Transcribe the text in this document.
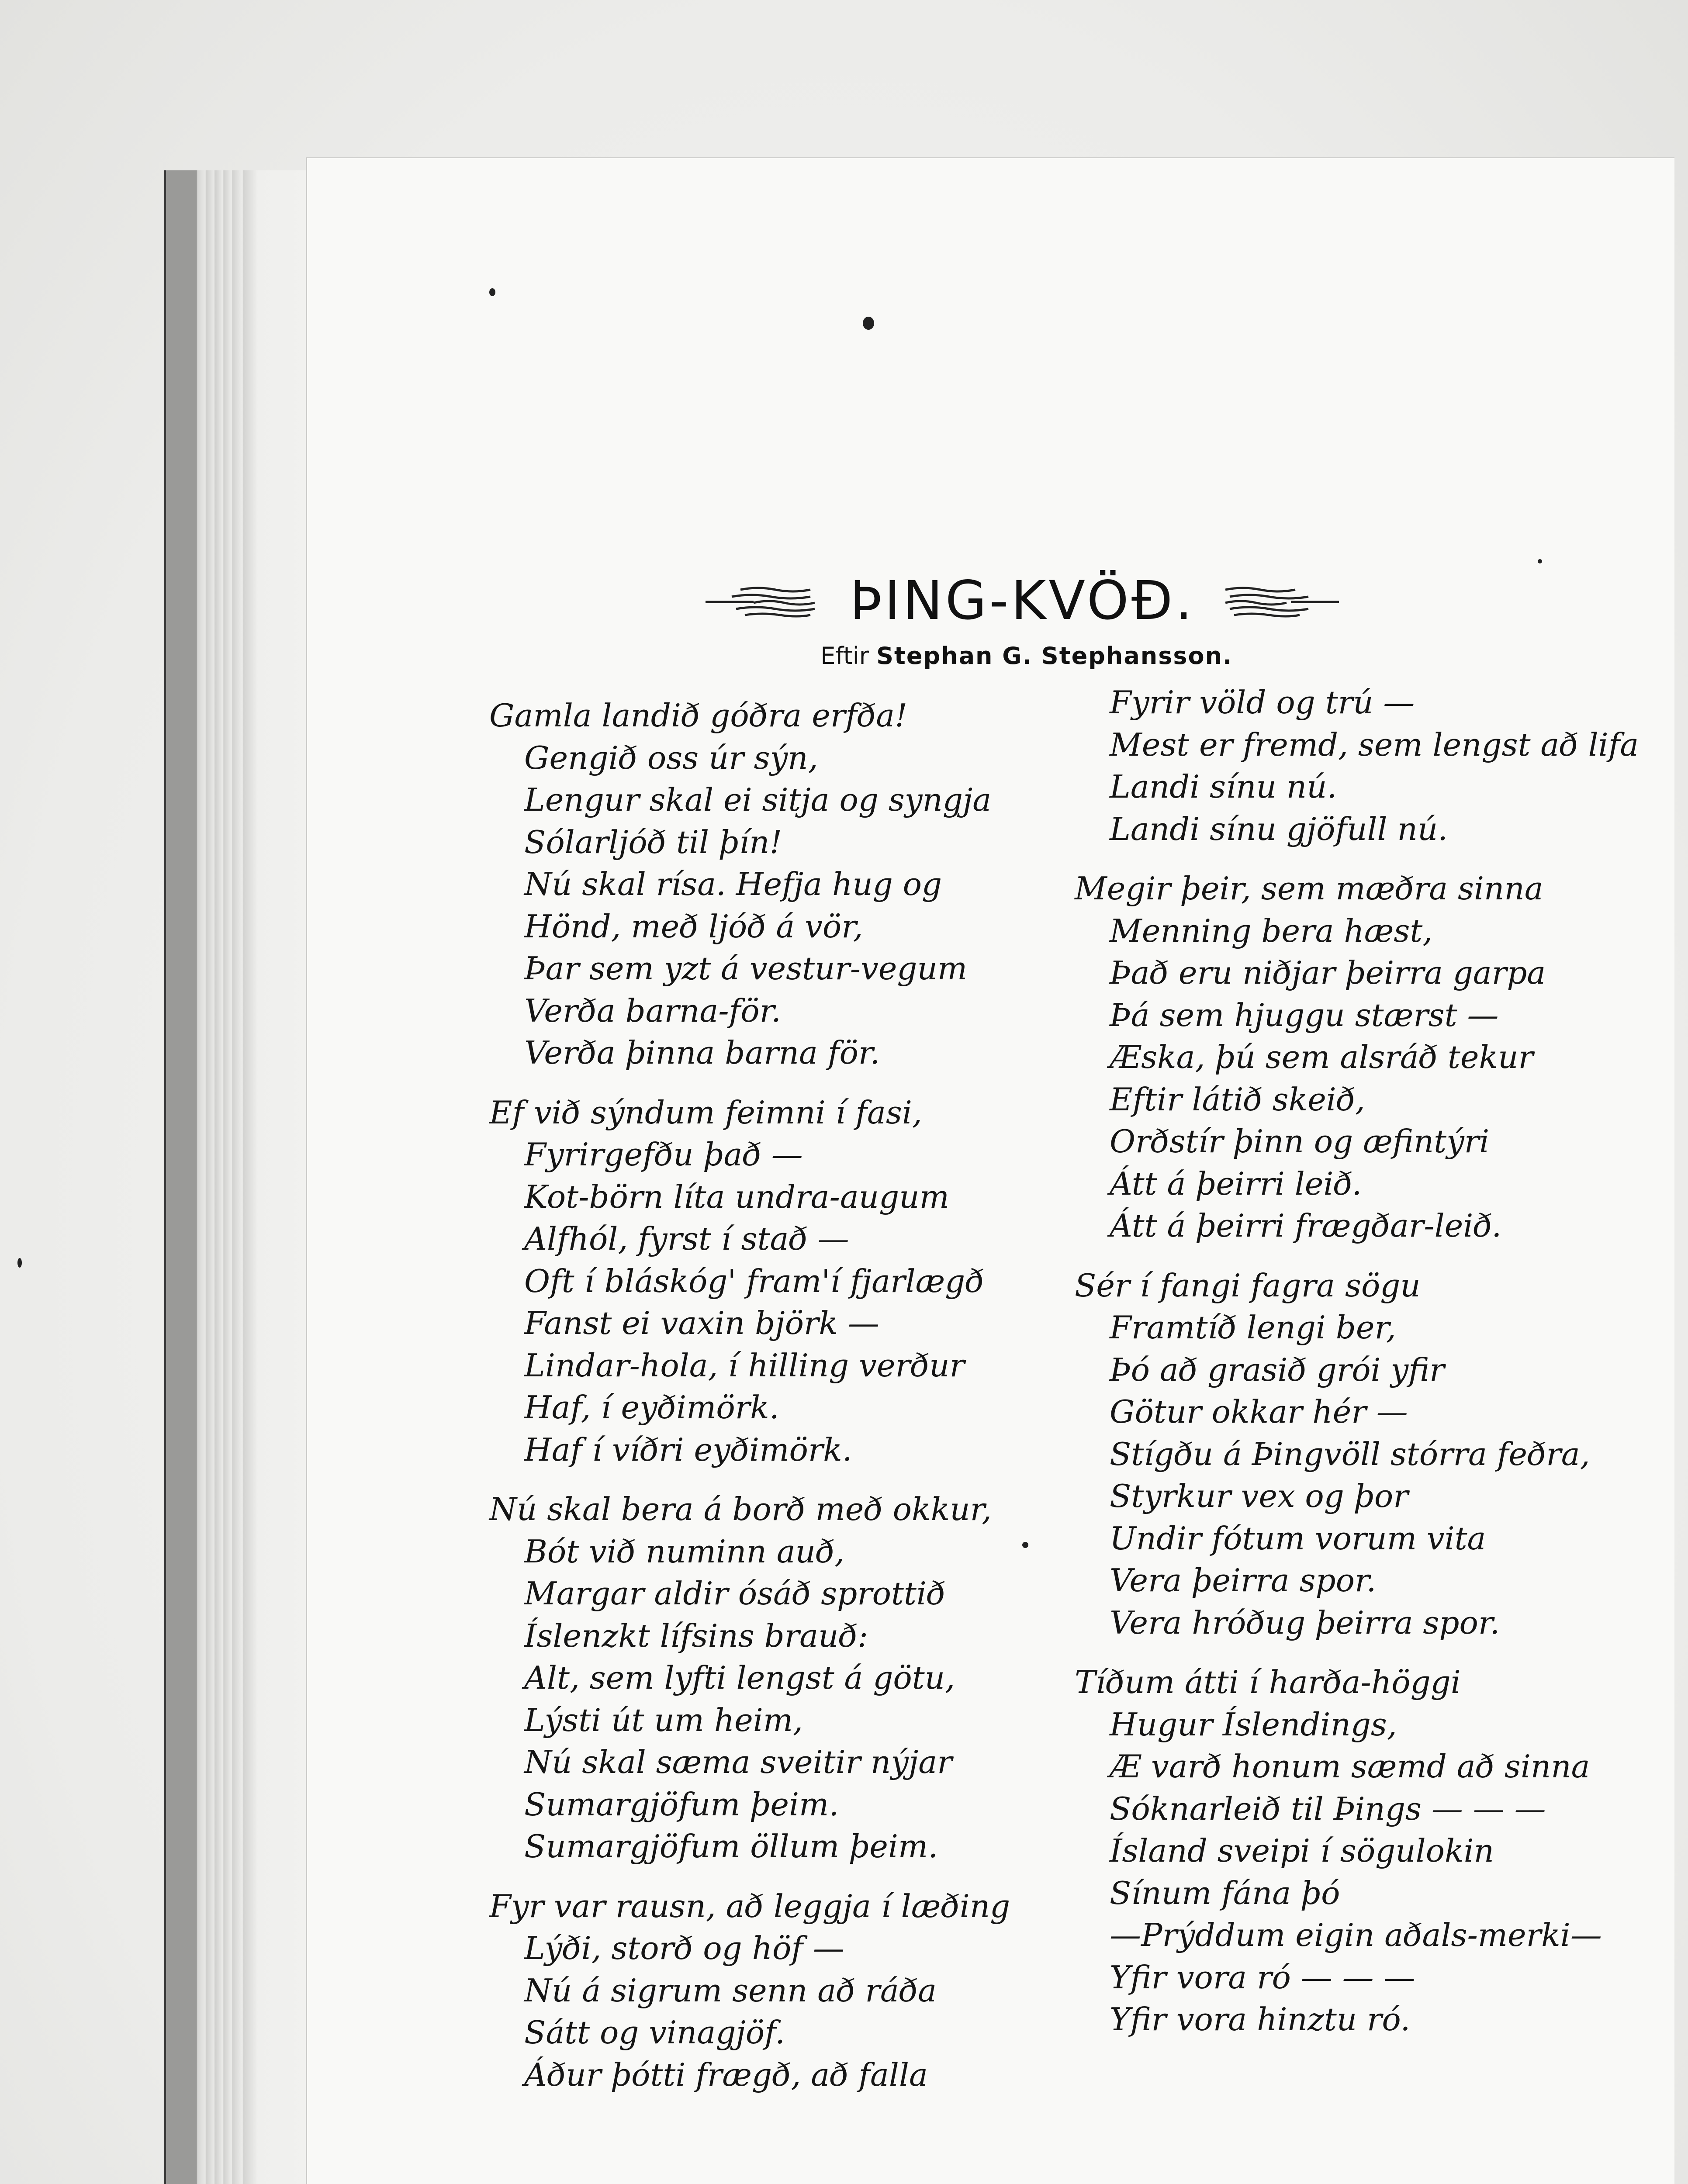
ÞING-KVÖÐ.
Eftir Stephan G. Stephansson.
Gamla landið góðra erfða!
Gengið oss úr sýn,
Lengur skal ei sitja og syngja
Sólarljóð til þín!
Nú skal rísa. Hefja hug og
Hönd, með ljóð á vör,
Þar sem yzt á vestur-vegum
Verða barna-för.
Verða þinna barna för.
Ef við sýndum feimni í fasi,
Fyrirgefðu það —
Kot-börn líta undra-augum
Alfhól, fyrst í stað —
Oft í bláskóg' fram'í fjarlægð
Fanst ei vaxin björk —
Lindar-hola, í hilling verður
Haf, í eyðimörk.
Haf í víðri eyðimörk.
Nú skal bera á borð með okkur,
Bót við numinn auð,
Margar aldir ósáð sprottið
Íslenzkt lífsins brauð:
Alt, sem lyfti lengst á götu,
Lýsti út um heim,
Nú skal sæma sveitir nýjar
Sumargjöfum þeim.
Sumargjöfum öllum þeim.
Fyr var rausn, að leggja í læðing
Lýði, storð og höf —
Nú á sigrum senn að ráða
Sátt og vinagjöf.
Áður þótti frægð, að falla
Fyrir völd og trú —
Mest er fremd, sem lengst að lifa
Landi sínu nú.
Landi sínu gjöfull nú.
Megir þeir, sem mæðra sinna
Menning bera hæst,
Það eru niðjar þeirra garpa
Þá sem hjuggu stærst —
Æska, þú sem alsráð tekur
Eftir látið skeið,
Orðstír þinn og æfintýri
Átt á þeirri leið.
Átt á þeirri frægðar-leið.
Sér í fangi fagra sögu
Framtíð lengi ber,
Þó að grasið grói yfir
Götur okkar hér —
Stígðu á Þingvöll stórra feðra,
Styrkur vex og þor
Undir fótum vorum vita
Vera þeirra spor.
Vera hróðug þeirra spor.
Tíðum átti í harða-höggi
Hugur Íslendings,
Æ varð honum sæmd að sinna
Sóknarleið til Þings — — —
Ísland sveipi í sögulokin
Sínum fána þó
—Prýddum eigin aðals-merki—
Yfir vora ró — — —
Yfir vora hinztu ró.
